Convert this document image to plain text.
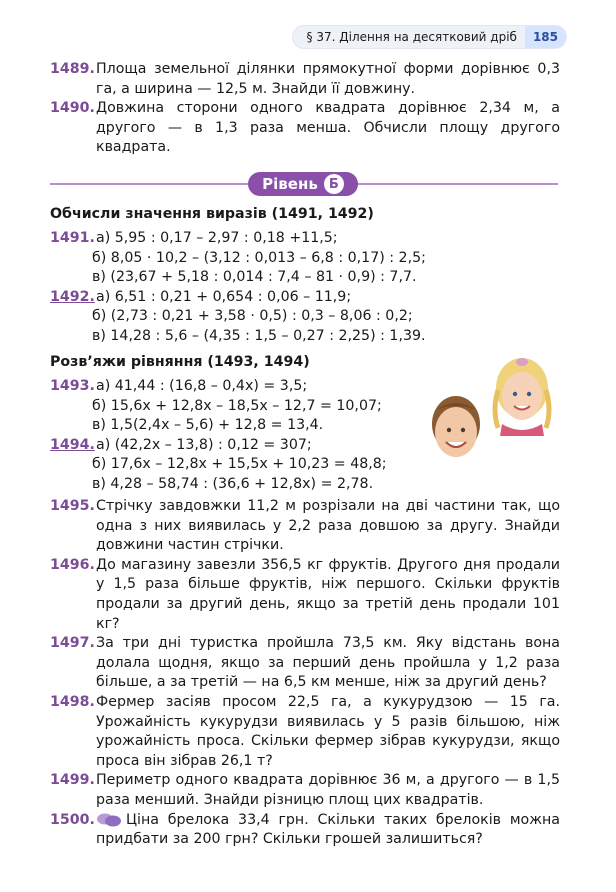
§ 37. Ділення на десятковий дріб	185
1489. Площа земельної ділянки прямокутної форми дорівнює 0,3 га, а ширина — 12,5 м. Знайди її довжину.
1490. Довжина сторони одного квадрата дорівнює 2,34 м, а другого — в 1,3 раза менша. Обчисли площу другого квадрата.
Рівень Б
Обчисли значення виразів (1491, 1492)
1491.а) 5,95 : 0,17 – 2,97 : 0,18 +11,5;
б) 8,05 · 10,2 – (3,12 : 0,013 – 6,8 : 0,17) : 2,5;
в) (23,67 + 5,18 : 0,014 : 7,4 – 81 · 0,9) : 7,7.
1492.а) 6,51 : 0,21 + 0,654 : 0,06 – 11,9;
б) (2,73 : 0,21 + 3,58 · 0,5) : 0,3 – 8,06 : 0,2;
в) 14,28 : 5,6 – (4,35 : 1,5 – 0,27 : 2,25) : 1,39.
Розв’яжи рівняння (1493, 1494)
1493.а) 41,44 : (16,8 – 0,4x) = 3,5;
б) 15,6x + 12,8x – 18,5x – 12,7 = 10,07;
в) 1,5(2,4x – 5,6) + 12,8 = 13,4.
1494.а) (42,2x – 13,8) : 0,12 = 307;
б) 17,6x – 12,8x + 15,5x + 10,23 = 48,8;
в) 4,28 – 58,74 : (36,6 + 12,8x) = 2,78.
1495. Стрічку завдовжки 11,2 м розрізали на дві частини так, що одна з них виявилась у 2,2 раза довшою за другу. Знайди довжини частин стрічки.
1496. До магазину завезли 356,5 кг фруктів. Другого дня продали у 1,5 раза більше фруктів, ніж першого. Скільки фруктів продали за другий день, якщо за третій день продали 101 кг?
1497. За три дні туристка пройшла 73,5 км. Яку відстань вона долала щодня, якщо за перший день пройшла у 1,2 раза більше, а за третій — на 6,5 км менше, ніж за другий день?
1498. Фермер засіяв просом 22,5 га, а кукурудзою — 15 га. Урожайність кукурудзи виявилась у 5 разів більшою, ніж урожайність проса. Скільки фермер зібрав кукурудзи, якщо проса він зібрав 26,1 т?
1499. Периметр одного квадрата дорівнює 36 м, а другого — в 1,5 раза менший. Знайди різницю площ цих квадратів.
1500.	Ціна брелока 33,4 грн. Скільки таких брелоків можна придбати за 200 грн? Скільки грошей залишиться?
